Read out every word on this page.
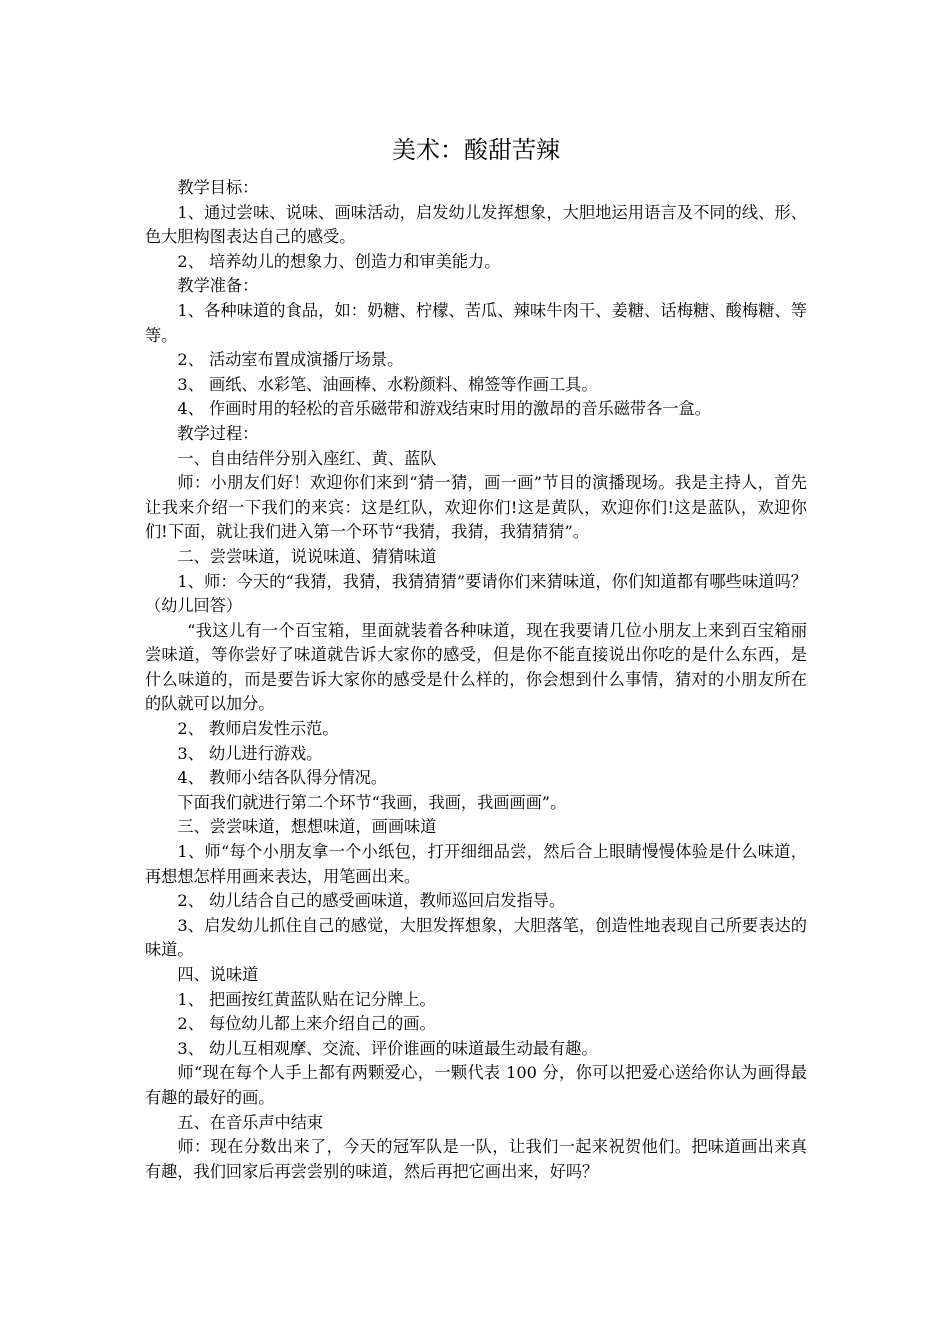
美术：酸甜苦辣

教学目标：

1、通过尝味、说味、画味活动，启发幼儿发挥想象，大胆地运用语言及不同的线、形、色大胆构图表达自己的感受。

2、 培养幼儿的想象力、创造力和审美能力。

教学准备：

1、各种味道的食品，如：奶糖、柠檬、苦瓜、辣味牛肉干、姜糖、话梅糖、酸梅糖、等等。

2、 活动室布置成演播厅场景。

3、 画纸、水彩笔、油画棒、水粉颜料、棉签等作画工具。

4、 作画时用的轻松的音乐磁带和游戏结束时用的激昂的音乐磁带各一盒。

教学过程：

一、自由结伴分别入座红、黄、蓝队

师：小朋友们好！欢迎你们来到“猜一猜，画一画”节目的演播现场。我是主持人，首先让我来介绍一下我们的来宾：这是红队，欢迎你们!这是黄队，欢迎你们!这是蓝队，欢迎你们!下面，就让我们进入第一个环节“我猜，我猜，我猜猜猜”。

二、尝尝味道，说说味道、猜猜味道

1、师：今天的“我猜，我猜，我猜猜猜”要请你们来猜味道，你们知道都有哪些味道吗？（幼儿回答）

“我这儿有一个百宝箱，里面就装着各种味道，现在我要请几位小朋友上来到百宝箱丽尝味道，等你尝好了味道就告诉大家你的感受，但是你不能直接说出你吃的是什么东西，是什么味道的，而是要告诉大家你的感受是什么样的，你会想到什么事情，猜对的小朋友所在的队就可以加分。

2、 教师启发性示范。

3、 幼儿进行游戏。

4、 教师小结各队得分情况。

下面我们就进行第二个环节“我画，我画，我画画画”。

三、尝尝味道，想想味道，画画味道

1、师“每个小朋友拿一个小纸包，打开细细品尝，然后合上眼睛慢慢体验是什么味道，再想想怎样用画来表达，用笔画出来。

2、 幼儿结合自己的感受画味道，教师巡回启发指导。

3、启发幼儿抓住自己的感觉，大胆发挥想象，大胆落笔，创造性地表现自己所要表达的味道。

四、说味道

1、 把画按红黄蓝队贴在记分牌上。

2、 每位幼儿都上来介绍自己的画。

3、 幼儿互相观摩、交流、评价谁画的味道最生动最有趣。

师“现在每个人手上都有两颗爱心，一颗代表 100 分，你可以把爱心送给你认为画得最有趣的最好的画。

五、在音乐声中结束

师：现在分数出来了，今天的冠军队是一队，让我们一起来祝贺他们。把味道画出来真有趣，我们回家后再尝尝别的味道，然后再把它画出来，好吗？
